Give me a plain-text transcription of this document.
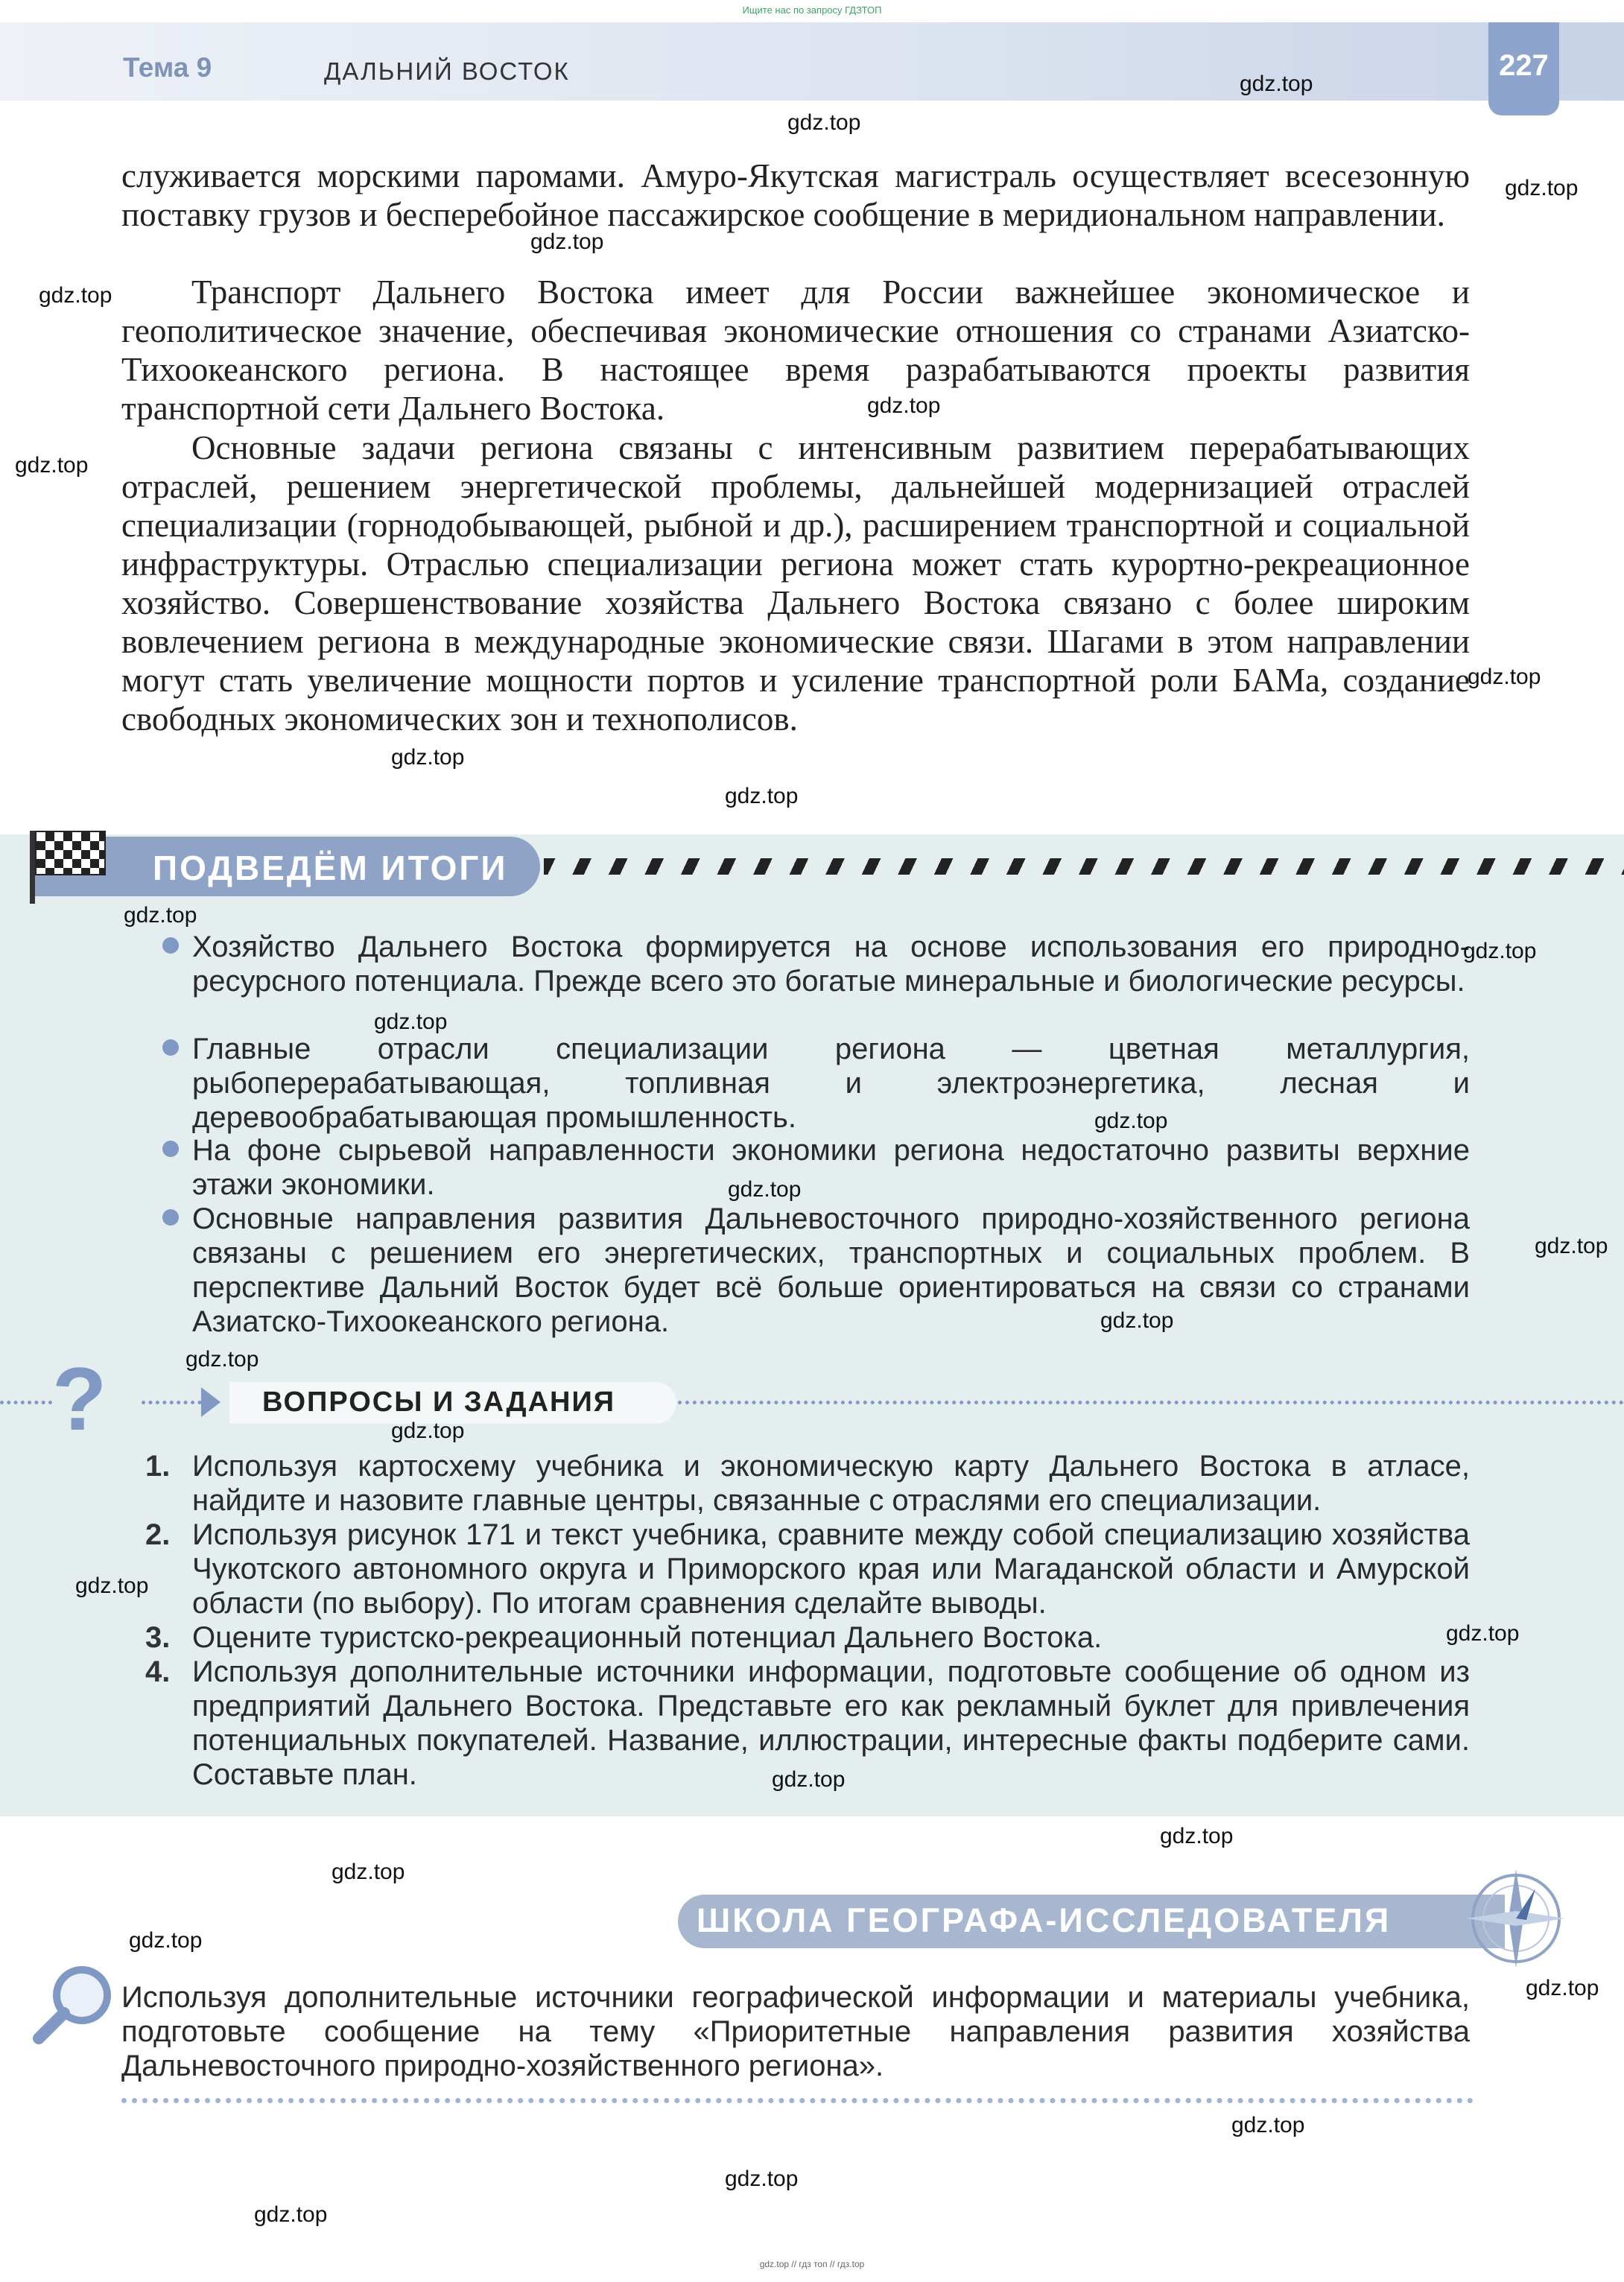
Ищите нас по запросу ГДЗТОП
Тема 9	ДАЛЬНИЙ ВОСТОК	227

служивается морскими паромами. Амуро-Якутская магистраль осуществляет всесезонную поставку грузов и бесперебойное пассажирское сообщение в меридиональном направлении.

Транспорт Дальнего Востока имеет для России важнейшее экономическое и геополитическое значение, обеспечивая экономические отношения со странами Азиатско-Тихоокеанского региона. В настоящее время разрабатываются проекты развития транспортной сети Дальнего Востока.

Основные задачи региона связаны с интенсивным развитием перерабатывающих отраслей, решением энергетической проблемы, дальнейшей модернизацией отраслей специализации (горнодобывающей, рыбной и др.), расширением транспортной и социальной инфраструктуры. Отраслью специализации региона может стать курортно-рекреационное хозяйство. Совершенствование хозяйства Дальнего Востока связано с более широким вовлечением региона в международные экономические связи. Шагами в этом направлении могут стать увеличение мощности портов и усиление транспортной роли БАМа, создание свободных экономических зон и технополисов.

ПОДВЕДЁМ ИТОГИ

Хозяйство Дальнего Востока формируется на основе использования его природно-ресурсного потенциала. Прежде всего это богатые минеральные и биологические ресурсы.

Главные отрасли специализации региона — цветная металлургия, рыбоперерабатывающая, топливная и электроэнергетика, лесная и деревообрабатывающая промышленность.

На фоне сырьевой направленности экономики региона недостаточно развиты верхние этажи экономики.

Основные направления развития Дальневосточного природно-хозяйственного региона связаны с решением его энергетических, транспортных и социальных проблем. В перспективе Дальний Восток будет всё больше ориентироваться на связи со странами Азиатско-Тихоокеанского региона.

?	ВОПРОСЫ И ЗАДАНИЯ
1. Используя картосхему учебника и экономическую карту Дальнего Востока в атласе, найдите и назовите главные центры, связанные с отраслями его специализации.

2. Используя рисунок 171 и текст учебника, сравните между собой специализацию хозяйства Чукотского автономного округа и Приморского края или Магаданской области и Амурской области (по выбору). По итогам сравнения сделайте выводы.

3. Оцените туристско-рекреационный потенциал Дальнего Востока.

4. Используя дополнительные источники информации, подготовьте сообщение об одном из предприятий Дальнего Востока. Представьте его как рекламный буклет для привлечения потенциальных покупателей. Название, иллюстрации, интересные факты подберите сами. Составьте план.

ШКОЛА ГЕОГРАФА-ИССЛЕДОВАТЕЛЯ

Используя дополнительные источники географической информации и материалы учебника, подготовьте сообщение на тему «Приоритетные направления развития хозяйства Дальневосточного природно-хозяйственного региона».

gdz.top
gdz.top
gdz.top
gdz.top
gdz.top
gdz.top
gdz.top
gdz.top
gdz.top
gdz.top
gdz.top
gdz.top
gdz.top
gdz.top
gdz.top
gdz.top
gdz.top
gdz.top
gdz.top
gdz.top
gdz.top
gdz.top
gdz.top
gdz.top
gdz.top
gdz.top
gdz.top
gdz.top
gdz.top
gdz.top // гдз топ // гдз.top
